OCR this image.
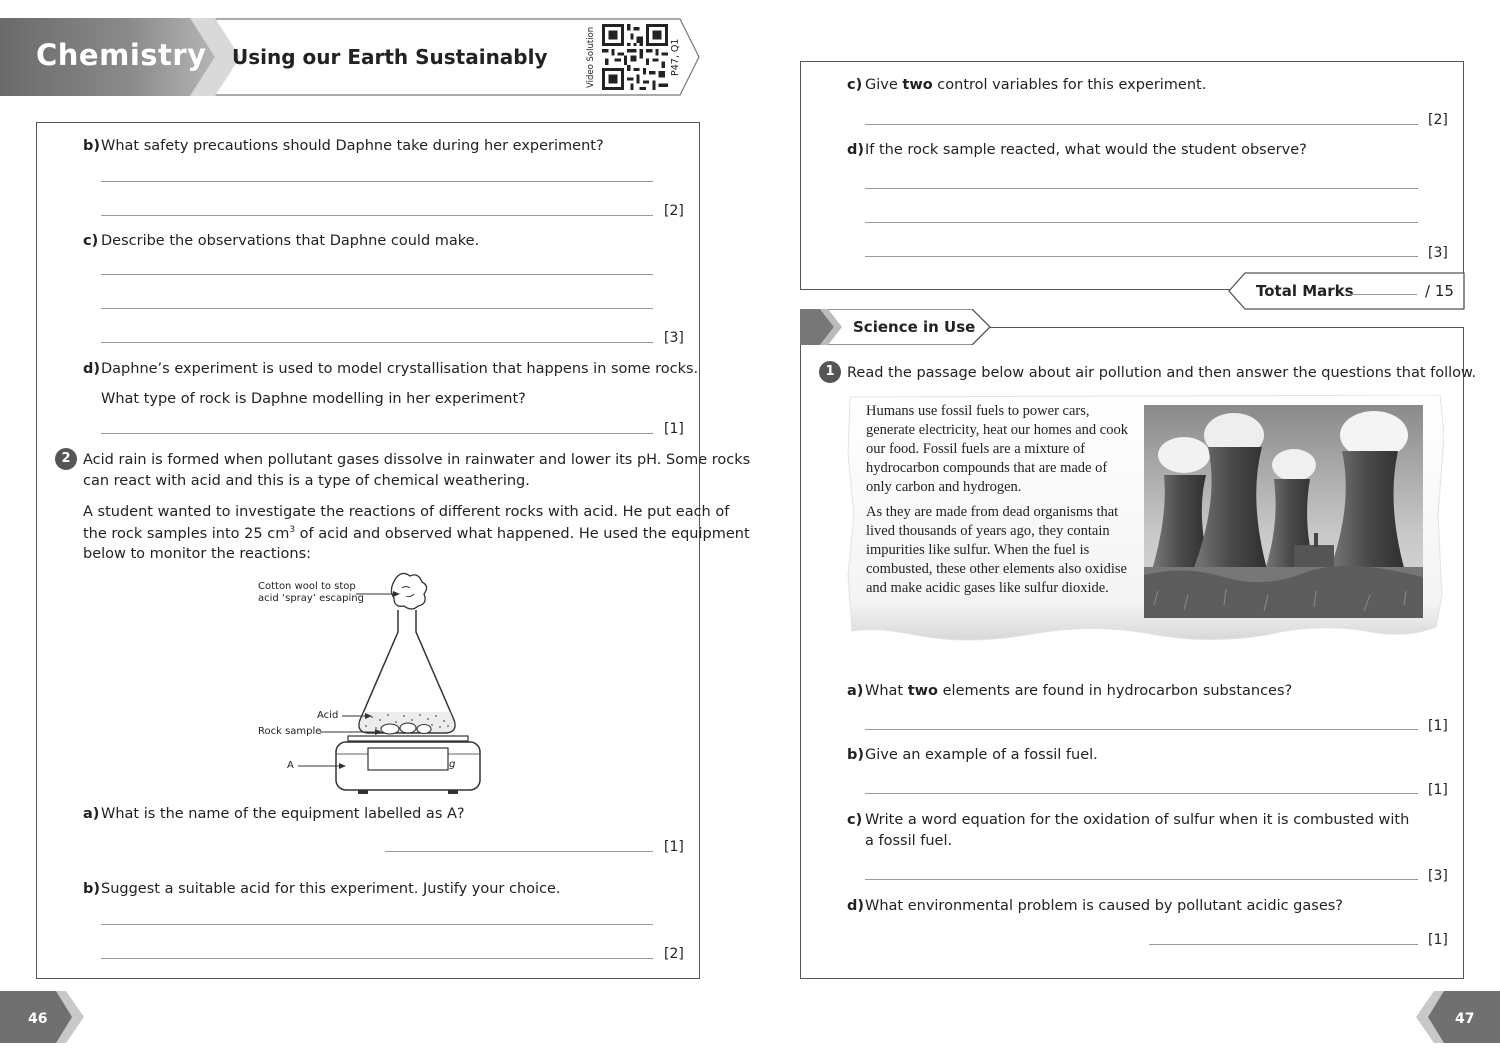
Chemistry Using our Earth Sustainably	Video Solution	P47, Q1
b) What safety precautions should Daphne take during her experiment?
[2]
c) Describe the observations that Daphne could make.
[3]
d) Daphne’s experiment is used to model crystallisation that happens in some rocks.
What type of rock is Daphne modelling in her experiment?
[1]
2 Acid rain is formed when pollutant gases dissolve in rainwater and lower its pH. Some rocks
can react with acid and this is a type of chemical weathering.
A student wanted to investigate the reactions of different rocks with acid. He put each of
the rock samples into 25 $cm^3$ of acid and observed what happened. He used the equipment
below to monitor the reactions:
Cotton wool to stop
acid ‘spray’ escaping
Acid
Rock sample
A	g
a) What is the name of the equipment labelled as A?
[1]
b) Suggest a suitable acid for this experiment. Justify your choice.
[2]
c) Give two control variables for this experiment.
[2]
d) If the rock sample reacted, what would the student observe?
[3]
Total Marks	/ 15
Science in Use
1 Read the passage below about air pollution and then answer the questions that follow.

Humans use fossil fuels to power cars, generate electricity, heat our homes and cook our food. Fossil fuels are a mixture of hydrocarbon compounds that are made of only carbon and hydrogen.

As they are made from dead organisms that lived thousands of years ago, they contain impurities like sulfur. When the fuel is combusted, these other elements also oxidise and make acidic gases like sulfur dioxide.

a) What two elements are found in hydrocarbon substances?
[1]
b) Give an example of a fossil fuel.
[1]
c) Write a word equation for the oxidation of sulfur when it is combusted with
a fossil fuel.
[3]
d) What environmental problem is caused by pollutant acidic gases?
[1]
46	47
